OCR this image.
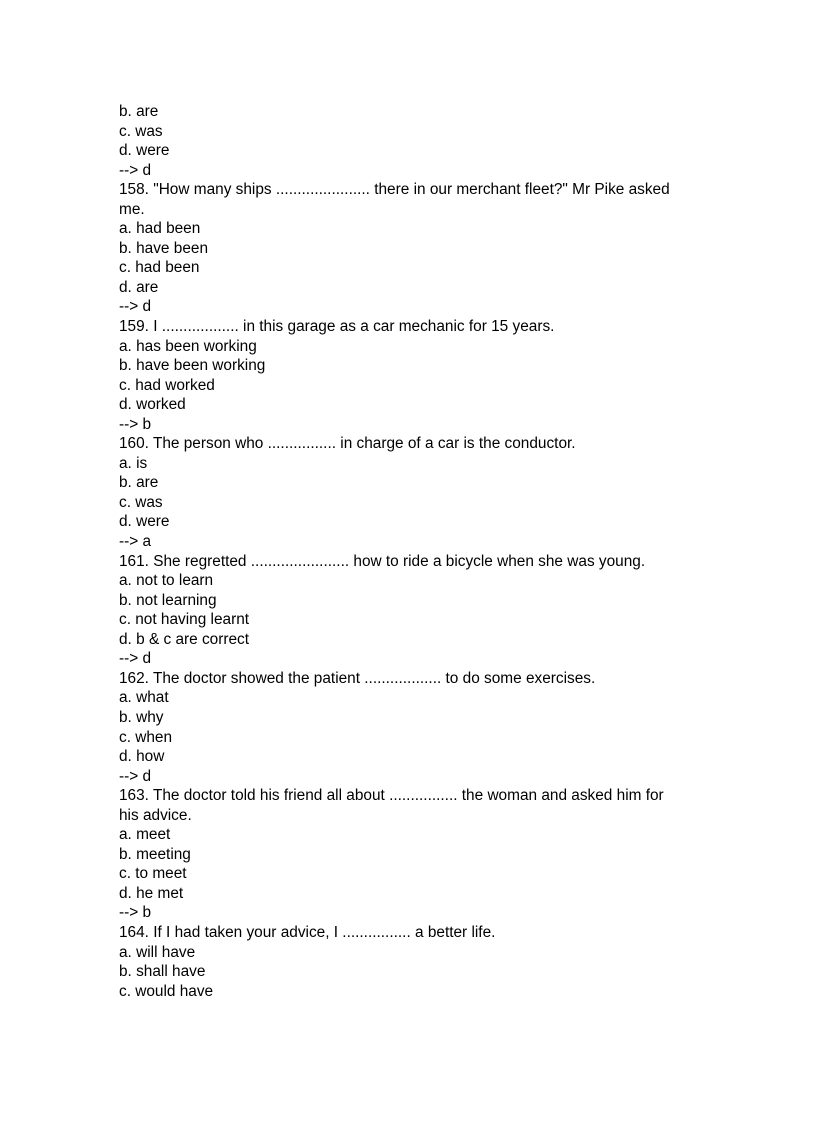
b. are
c. was
d. were
--> d
158. "How many ships ...................... there in our merchant fleet?" Mr Pike asked
me.
a. had been
b. have been
c. had been
d. are
--> d
159. I .................. in this garage as a car mechanic for 15 years.
a. has been working
b. have been working
c. had worked
d. worked
--> b
160. The person who ................ in charge of a car is the conductor.
a. is
b. are
c. was
d. were
--> a
161. She regretted ....................... how to ride a bicycle when she was young.
a. not to learn
b. not learning
c. not having learnt
d. b & c are correct
--> d
162. The doctor showed the patient .................. to do some exercises.
a. what
b. why
c. when
d. how
--> d
163. The doctor told his friend all about ................ the woman and asked him for
his advice.
a. meet
b. meeting
c. to meet
d. he met
--> b
164. If I had taken your advice, I ................ a better life.
a. will have
b. shall have
c. would have
